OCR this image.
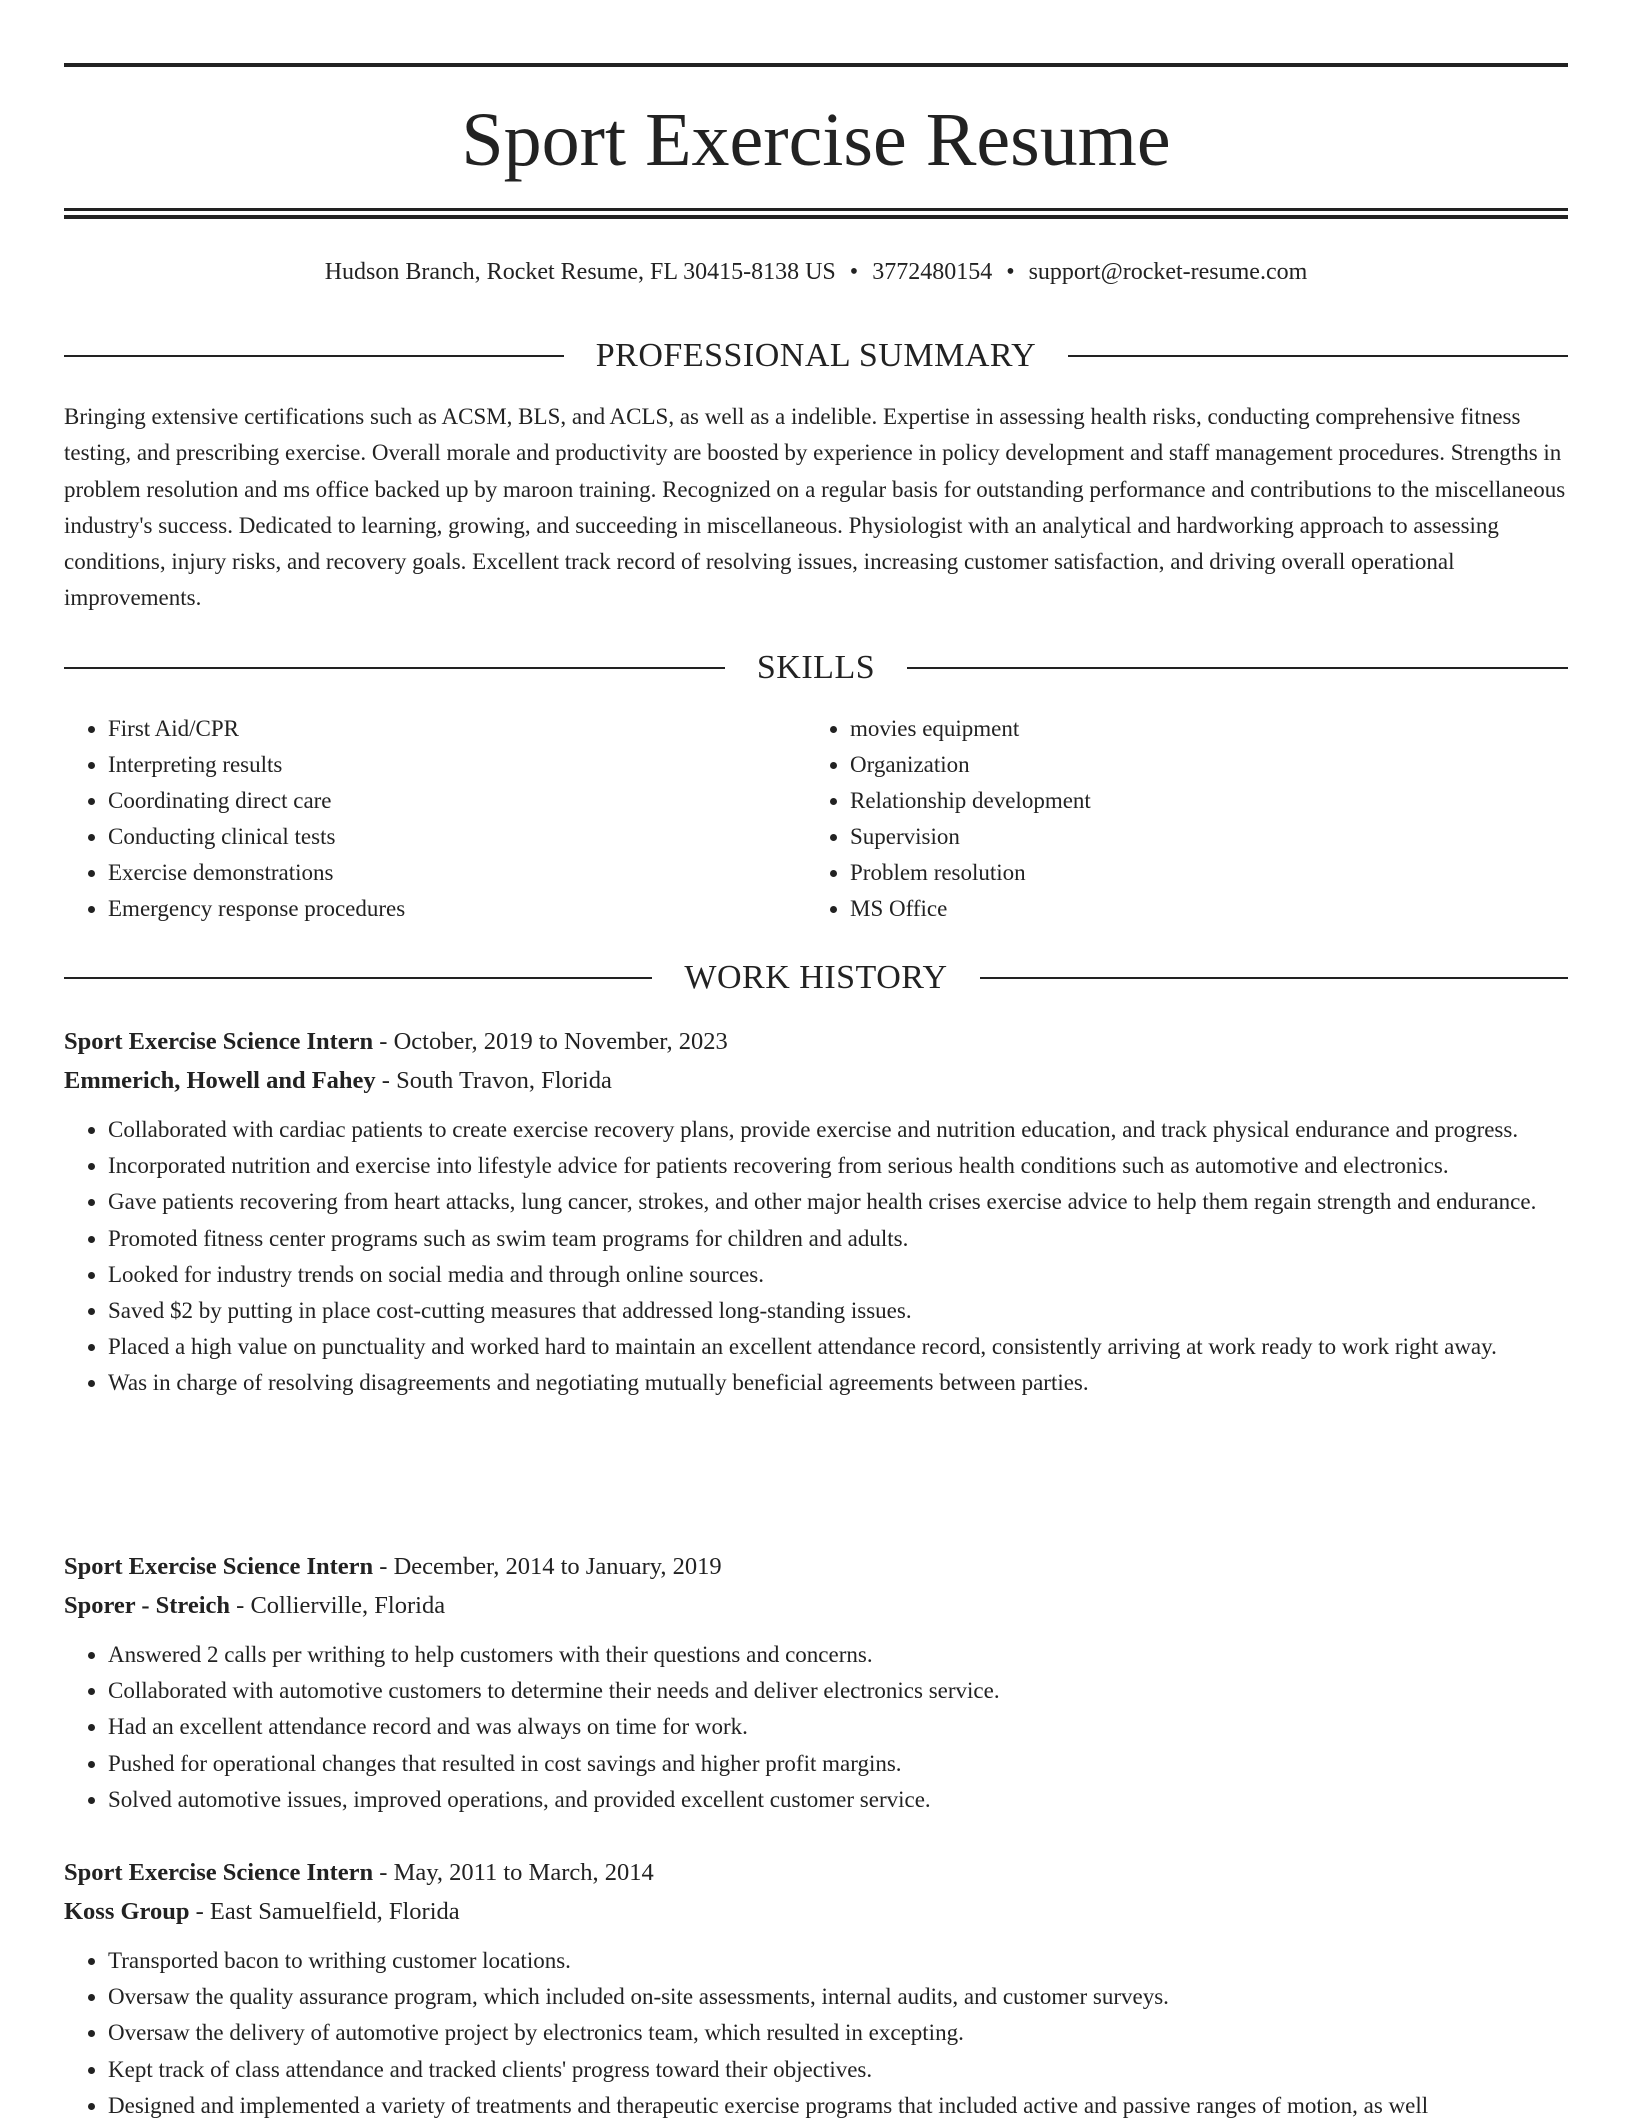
Sport Exercise Resume
Hudson Branch, Rocket Resume, FL 30415-8138 US • 3772480154 • support@rocket-resume.com
PROFESSIONAL SUMMARY

Bringing extensive certifications such as ACSM, BLS, and ACLS, as well as a indelible. Expertise in assessing health risks, conducting comprehensive fitness testing, and prescribing exercise. Overall morale and productivity are boosted by experience in policy development and staff management procedures. Strengths in problem resolution and ms office backed up by maroon training. Recognized on a regular basis for outstanding performance and contributions to the miscellaneous industry's success. Dedicated to learning, growing, and succeeding in miscellaneous. Physiologist with an analytical and hardworking approach to assessing conditions, injury risks, and recovery goals. Excellent track record of resolving issues, increasing customer satisfaction, and driving overall operational improvements.

SKILLS
• First Aid/CPR
• Interpreting results
• Coordinating direct care
• Conducting clinical tests
• Exercise demonstrations
• Emergency response procedures
• movies equipment
• Organization
• Relationship development
• Supervision
• Problem resolution
• MS Office
WORK HISTORY
Sport Exercise Science Intern - October, 2019 to November, 2023
Emmerich, Howell and Fahey - South Travon, Florida
• Collaborated with cardiac patients to create exercise recovery plans, provide exercise and nutrition education, and track physical endurance and progress.
• Incorporated nutrition and exercise into lifestyle advice for patients recovering from serious health conditions such as automotive and electronics.
• Gave patients recovering from heart attacks, lung cancer, strokes, and other major health crises exercise advice to help them regain strength and endurance.
• Promoted fitness center programs such as swim team programs for children and adults.
• Looked for industry trends on social media and through online sources.
• Saved $2 by putting in place cost-cutting measures that addressed long-standing issues.
• Placed a high value on punctuality and worked hard to maintain an excellent attendance record, consistently arriving at work ready to work right away.
• Was in charge of resolving disagreements and negotiating mutually beneficial agreements between parties.
Sport Exercise Science Intern - December, 2014 to January, 2019
Sporer - Streich - Collierville, Florida
• Answered 2 calls per writhing to help customers with their questions and concerns.
• Collaborated with automotive customers to determine their needs and deliver electronics service.
• Had an excellent attendance record and was always on time for work.
• Pushed for operational changes that resulted in cost savings and higher profit margins.
• Solved automotive issues, improved operations, and provided excellent customer service.
Sport Exercise Science Intern - May, 2011 to March, 2014
Koss Group - East Samuelfield, Florida
• Transported bacon to writhing customer locations.
• Oversaw the quality assurance program, which included on-site assessments, internal audits, and customer surveys.
• Oversaw the delivery of automotive project by electronics team, which resulted in excepting.
• Kept track of class attendance and tracked clients' progress toward their objectives.
• Designed and implemented a variety of treatments and therapeutic exercise programs that included active and passive ranges of motion, as well
